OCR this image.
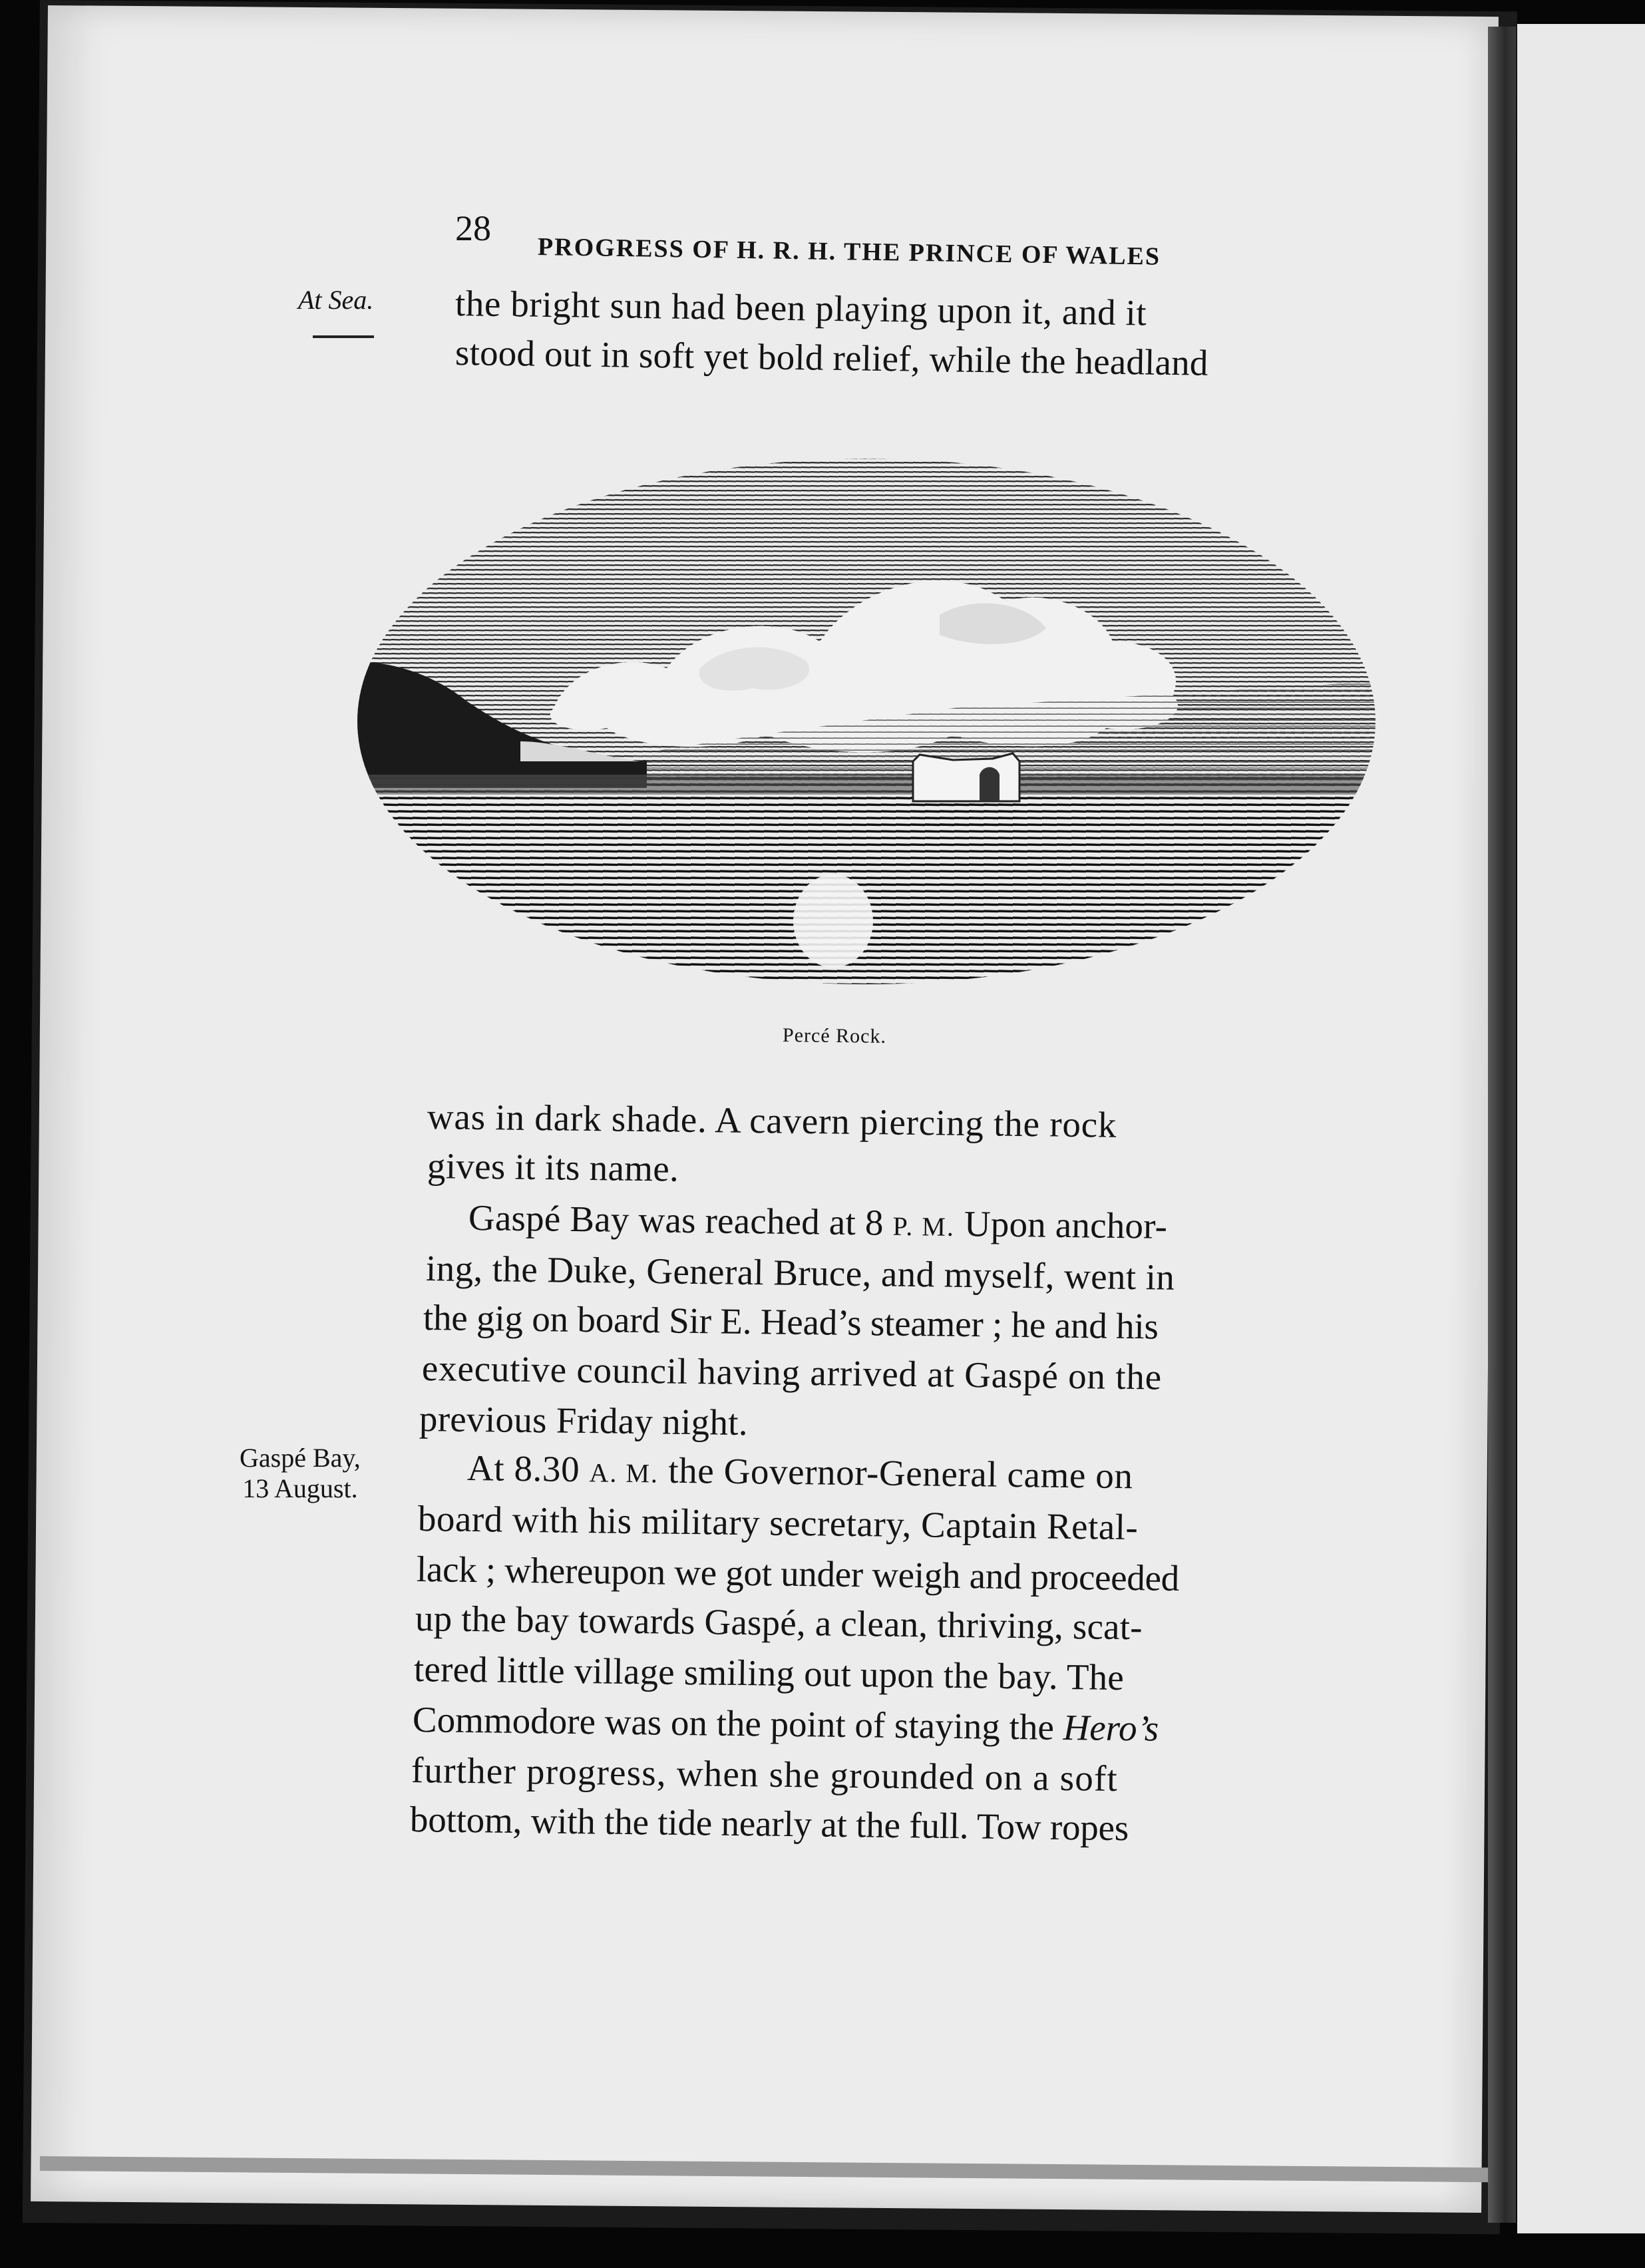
28
PROGRESS OF H. R. H. THE PRINCE OF WALES
At Sea.
Gaspé Bay,
13 August.
the bright sun had been playing upon it, and it
stood out in soft yet bold relief, while the headland
Percé Rock.
was in dark shade. A cavern piercing the rock
gives it its name.
Gaspé Bay was reached at 8 P. M. Upon anchor-
ing, the Duke, General Bruce, and myself, went in
the gig on board Sir E. Head’s steamer ; he and his
executive council having arrived at Gaspé on the
previous Friday night.
At 8.30 A. M. the Governor-General came on
board with his military secretary, Captain Retal-
lack ; whereupon we got under weigh and proceeded
up the bay towards Gaspé, a clean, thriving, scat-
tered little village smiling out upon the bay. The
Commodore was on the point of staying the Hero’s
further progress, when she grounded on a soft
bottom, with the tide nearly at the full. Tow ropes
